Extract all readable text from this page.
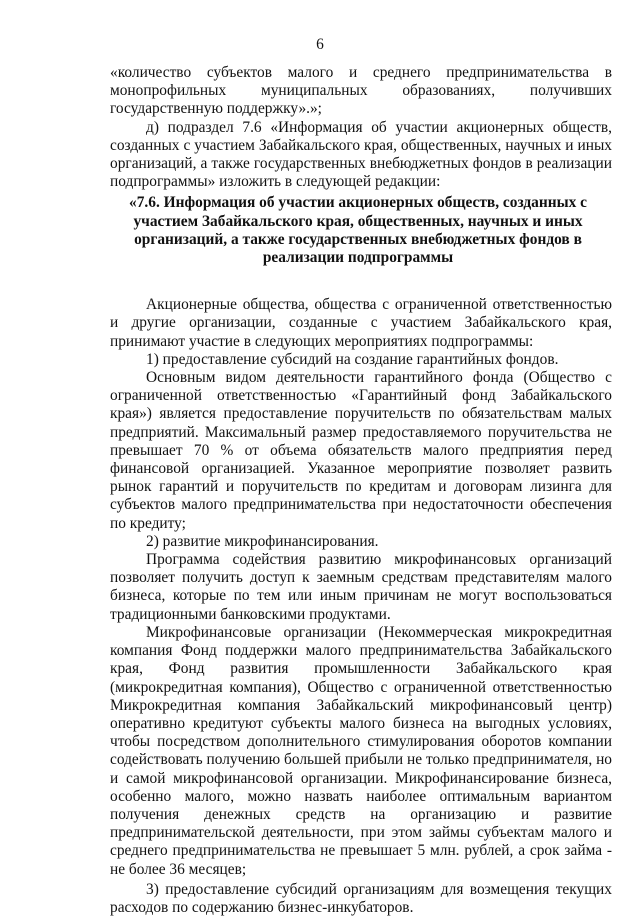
6

«количество субъектов малого и среднего предпринимательства в монопрофильных муниципальных образованиях, получивших государственную поддержку».»;

д) подраздел 7.6 «Информация об участии акционерных обществ, созданных с участием Забайкальского края, общественных, научных и иных организаций, а также государственных внебюджетных фондов в реализации подпрограммы» изложить в следующей редакции:

«7.6. Информация об участии акционерных обществ, созданных с участием Забайкальского края, общественных, научных и иных организаций, а также государственных внебюджетных фондов в реализации подпрограммы

Акционерные общества, общества с ограниченной ответственностью и другие организации, созданные с участием Забайкальского края, принимают участие в следующих мероприятиях подпрограммы:

1) предоставление субсидий на создание гарантийных фондов.

Основным видом деятельности гарантийного фонда (Общество с ограниченной ответственностью «Гарантийный фонд Забайкальского края») является предоставление поручительств по обязательствам малых предприятий. Максимальный размер предоставляемого поручительства не превышает 70 % от объема обязательств малого предприятия перед финансовой организацией. Указанное мероприятие позволяет развить рынок гарантий и поручительств по кредитам и договорам лизинга для субъектов малого предпринимательства при недостаточности обеспечения по кредиту;

2) развитие микрофинансирования.

Программа содействия развитию микрофинансовых организаций позволяет получить доступ к заемным средствам представителям малого бизнеса, которые по тем или иным причинам не могут воспользоваться традиционными банковскими продуктами.

Микрофинансовые организации (Некоммерческая микрокредитная компания Фонд поддержки малого предпринимательства Забайкальского края, Фонд развития промышленности Забайкальского края (микрокредитная компания), Общество с ограниченной ответственностью Микрокредитная компания Забайкальский микрофинансовый центр) оперативно кредитуют субъекты малого бизнеса на выгодных условиях, чтобы посредством дополнительного стимулирования оборотов компании содействовать получению большей прибыли не только предпринимателя, но и самой микрофинансовой организации. Микрофинансирование бизнеса, особенно малого, можно назвать наиболее оптимальным вариантом получения денежных средств на организацию и развитие предпринимательской деятельности, при этом займы субъектам малого и среднего предпринимательства не превышает 5 млн. рублей, а срок займа - не более 36 месяцев;

3) предоставление субсидий организациям для возмещения текущих расходов по содержанию бизнес-инкубаторов.
